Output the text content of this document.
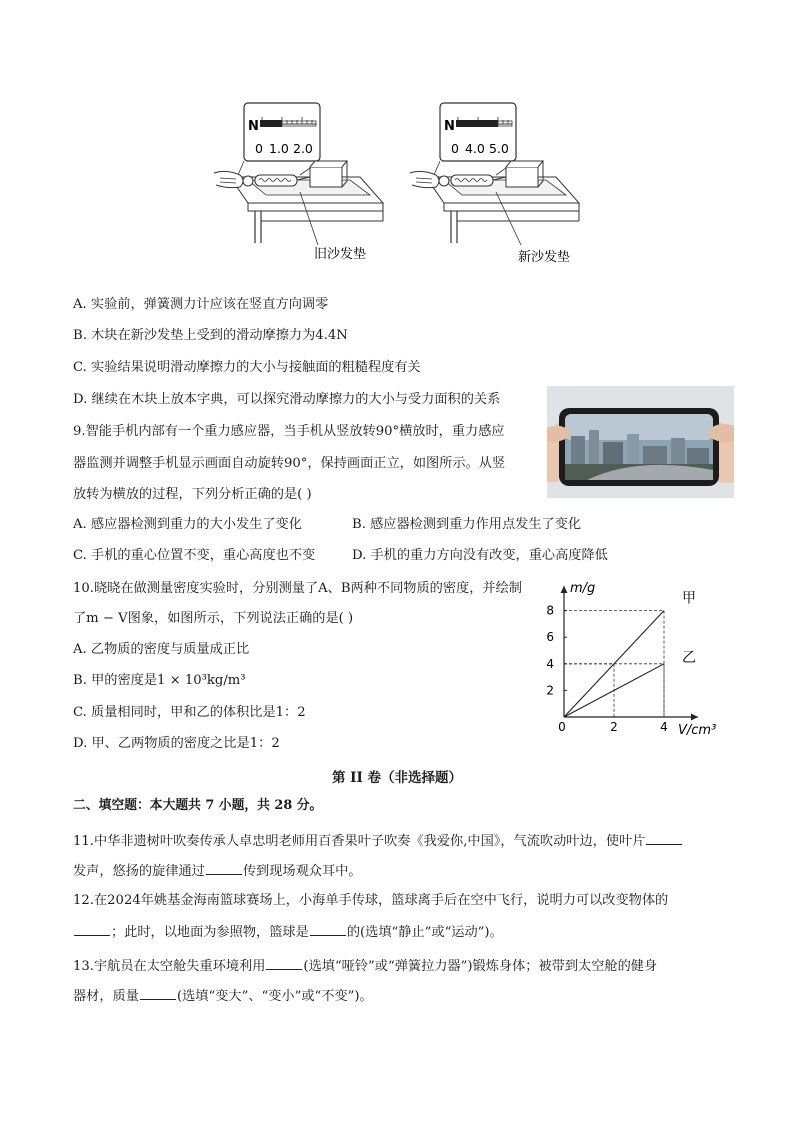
N
0 1.0 2.0
旧沙发垫
N
0 4.0 5.0
新沙发垫
A. 实验前，弹簧测力计应该在竖直方向调零
B. 木块在新沙发垫上受到的滑动摩擦力为4.4N
C. 实验结果说明滑动摩擦力的大小与接触面的粗糙程度有关
D. 继续在木块上放本字典，可以探究滑动摩擦力的大小与受力面积的关系
9.智能手机内部有一个重力感应器，当手机从竖放转90°横放时，重力感应
器监测并调整手机显示画面自动旋转90°，保持画面正立，如图所示。从竖
放转为横放的过程，下列分析正确的是( )
A. 感应器检测到重力的大小发生了变化	B. 感应器检测到重力作用点发生了变化
C. 手机的重心位置不变，重心高度也不变	D. 手机的重力方向没有改变，重心高度降低
10.晓晓在做测量密度实验时，分别测量了A、B两种不同物质的密度，并绘制
了m − V图象，如图所示，下列说法正确的是( )
A. 乙物质的密度与质量成正比
B. 甲的密度是1 × 10³kg/m³
C. 质量相同时，甲和乙的体积比是1：2
D. 甲、乙两物质的密度之比是1：2
甲
乙
2
4
6
8
0	2	4
m/g
V/cm³
第 II 卷（非选择题）
二、填空题：本大题共 7 小题，共 28 分。
11.中华非遗树叶吹奏传承人卓忠明老师用百香果叶子吹奏《我爱你,中国》，气流吹动叶边，使叶片
发声，悠扬的旋律通过	传到现场观众耳中。
12.在2024年姚基金海南篮球赛场上，小海单手传球，篮球离手后在空中飞行，说明力可以改变物体的
；此时，以地面为参照物，篮球是	的(选填“静止”或“运动”)。
13.宇航员在太空舱失重环境利用	(选填“哑铃”或“弹簧拉力器”)锻炼身体；被带到太空舱的健身
器材，质量	(选填“变大”、“变小”或“不变”)。
